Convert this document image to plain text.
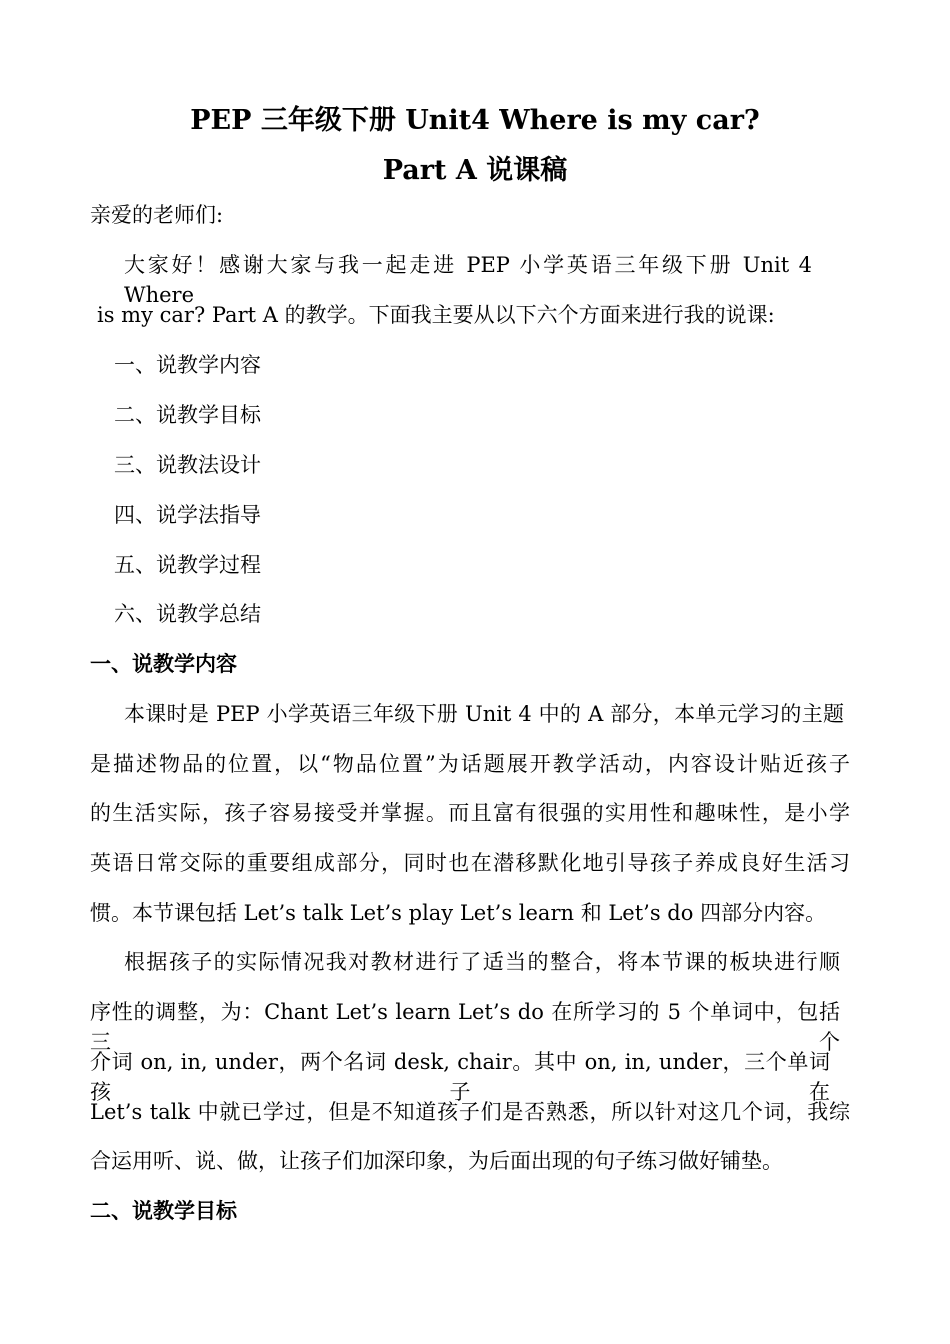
PEP 三年级下册 Unit4 Where is my car?
Part A 说课稿
亲爱的老师们:
大家好！感谢大家与我一起走进 PEP 小学英语三年级下册 Unit 4 Where
is my car? Part A 的教学。下面我主要从以下六个方面来进行我的说课:
一、说教学内容
二、说教学目标
三、说教法设计
四、说学法指导
五、说教学过程
六、说教学总结
一、说教学内容
本课时是 PEP 小学英语三年级下册 Unit 4 中的 A 部分，本单元学习的主题
是描述物品的位置，以“物品位置”为话题展开教学活动，内容设计贴近孩子
的生活实际，孩子容易接受并掌握。而且富有很强的实用性和趣味性，是小学
英语日常交际的重要组成部分，同时也在潜移默化地引导孩子养成良好生活习
惯。本节课包括 Let’s talk Let’s play Let’s learn 和 Let’s do 四部分内容。
根据孩子的实际情况我对教材进行了适当的整合，将本节课的板块进行顺
序性的调整，为：Chant Let’s learn Let’s do 在所学习的 5 个单词中，包括三个
介词 on, in, under，两个名词 desk, chair。其中 on, in, under，三个单词孩子在
Let’s talk 中就已学过，但是不知道孩子们是否熟悉，所以针对这几个词，我综
合运用听、说、做，让孩子们加深印象，为后面出现的句子练习做好铺垫。
二、说教学目标
